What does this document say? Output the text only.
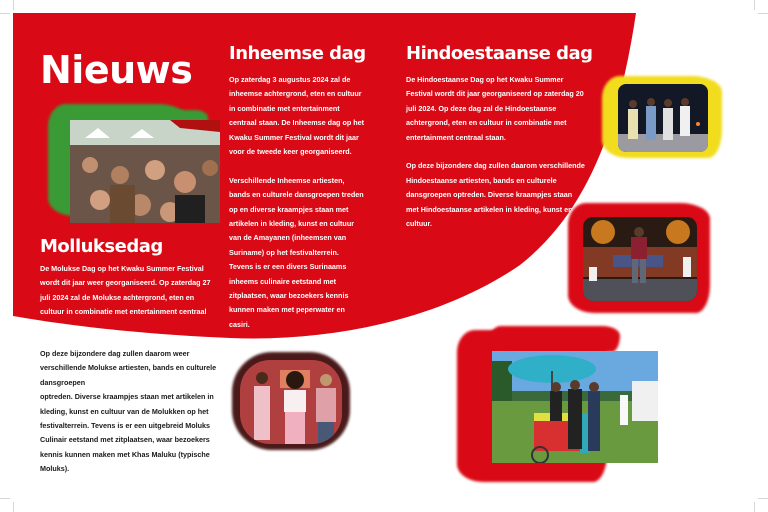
Nieuws Inheemse dag Hindoestaanse dag
Molluksedag

Op zaterdag 3 augustus 2024 zal de inheemse achtergrond, eten en cultuur in combinatie met entertainment centraal staan. De Inheemse dag op het Kwaku Summer Festival wordt dit jaar voor de tweede keer georganiseerd.

Verschillende Inheemse artiesten, bands en culturele dansgroepen treden op en diverse kraampjes staan met artikelen in kleding, kunst en cultuur van de Amayanen (inheemsen van Suriname) op het festivalterrein. Tevens is er een divers Surinaams inheems culinaire eetstand met zitplaatsen, waar bezoekers kennis kunnen maken met peperwater en casiri.

De Hindoestaanse Dag op het Kwaku Summer Festival wordt dit jaar georganiseerd op zaterdag 20 juli 2024. Op deze dag zal de Hindoestaanse achtergrond, eten en cultuur in combinatie met entertainment centraal staan.

Op deze bijzondere dag zullen daarom verschillende Hindoestaanse artiesten, bands en culturele dansgroepen optreden. Diverse kraampjes staan met Hindoestaanse artikelen in kleding, kunst en cultuur.

De Molukse Dag op het Kwaku Summer Festival wordt dit jaar weer georganiseerd. Op zaterdag 27 juli 2024 zal de Molukse achtergrond, eten en cultuur in combinatie met entertainment centraal staan.

Op deze bijzondere dag zullen daarom weer verschillende Molukse artiesten, bands en culturele dansgroepen

optreden. Diverse kraampjes staan met artikelen in kleding, kunst en cultuur van de Molukken op het festivalterrein. Tevens is er een uitgebreid Moluks Culinair eetstand met zitplaatsen, waar bezoekers kennis kunnen maken met Khas Maluku (typische Moluks).
